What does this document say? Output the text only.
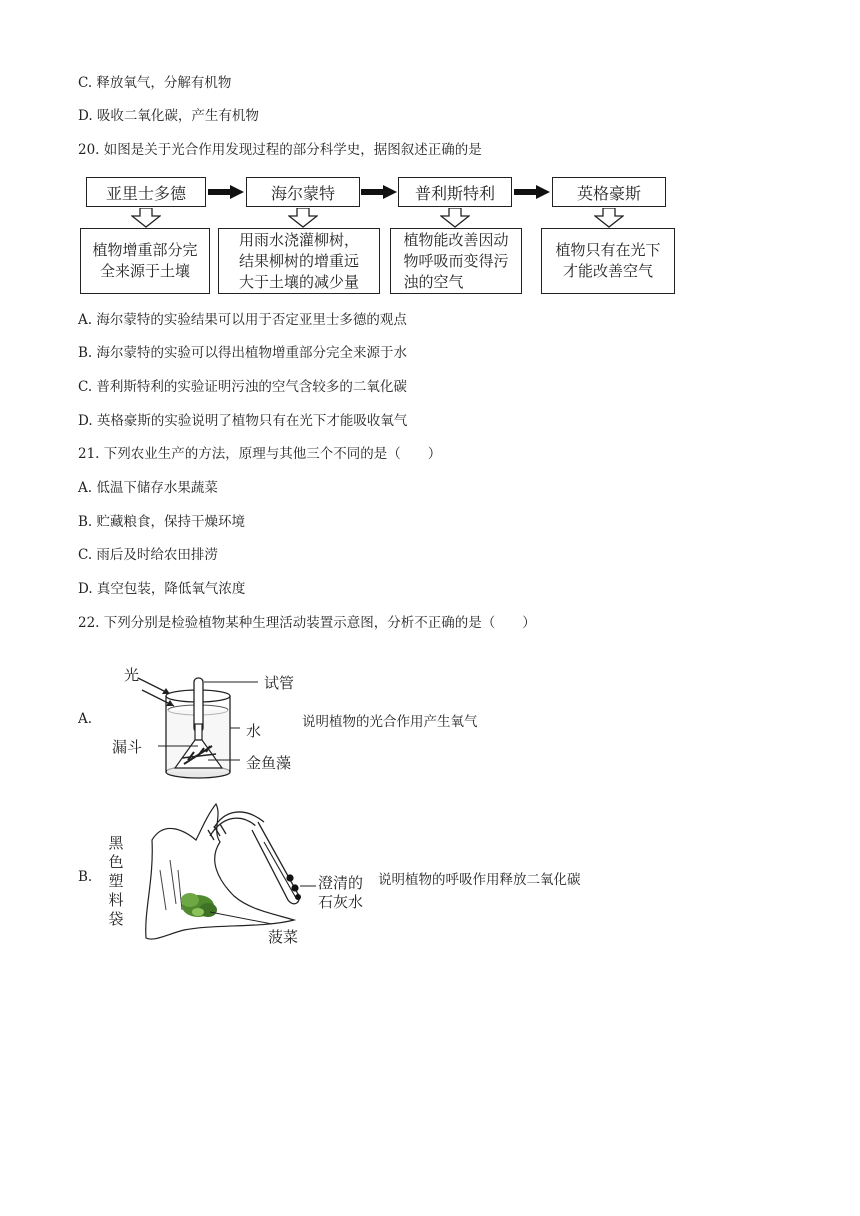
C. 释放氧气，分解有机物
D. 吸收二氧化碳，产生有机物
20. 如图是关于光合作用发现过程的部分科学史，据图叙述正确的是
亚里士多德	海尔蒙特	普利斯特利	英格豪斯
植物增重部分完
全来源于土壤
用雨水浇灌柳树，
结果柳树的增重远
大于土壤的减少量
植物能改善因动
物呼吸而变得污
浊的空气
植物只有在光下
才能改善空气
A. 海尔蒙特的实验结果可以用于否定亚里士多德的观点
B. 海尔蒙特的实验可以得出植物增重部分完全来源于水
C. 普利斯特利的实验证明污浊的空气含较多的二氧化碳
D. 英格豪斯的实验说明了植物只有在光下才能吸收氧气
21. 下列农业生产的方法，原理与其他三个不同的是（　　）
A. 低温下储存水果蔬菜
B. 贮藏粮食，保持干燥环境
C. 雨后及时给农田排涝
D. 真空包装，降低氧气浓度
22. 下列分别是检验植物某种生理活动装置示意图，分析不正确的是（　　）
A.
光	试管
水
漏斗
金鱼藻
说明植物的光合作用产生氧气
B.
黑
色
塑
料
袋
澄清的
石灰水
菠菜
说明植物的呼吸作用释放二氧化碳
